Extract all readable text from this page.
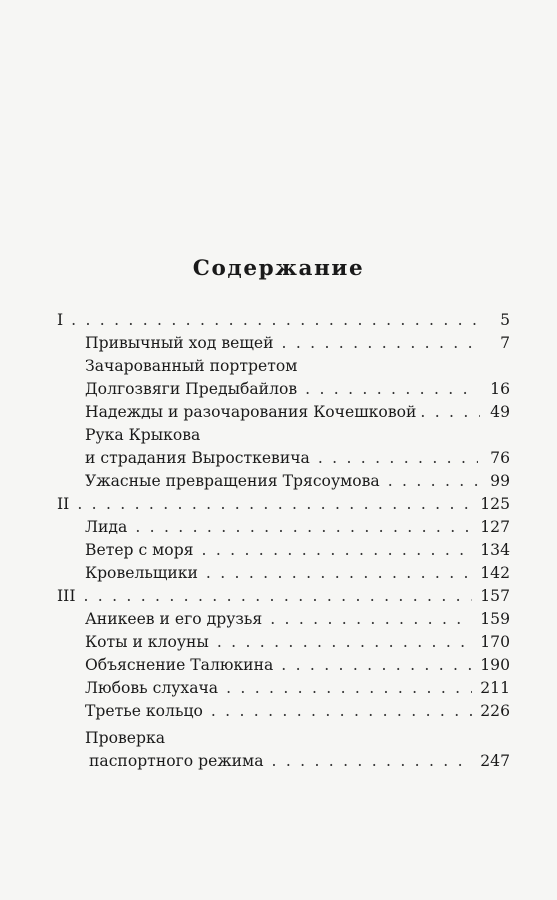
Содержание
I . . .	5
Привычный ход вещей . . .	7
Зачарованный портретом
Долгозвяги Предыбайлов . . .	16
Надежды и разочарования Кочешковой . . .	49
Рука Крыкова
и страдания Выросткевича . . .	76
Ужасные превращения Трясоумова . . .	99
II . . .	125
Лида . . .	127
Ветер с моря . . .	134
Кровельщики . . .	142
III . . .	157
Аникеев и его друзья . . .	159
Коты и клоуны . . .	170
Объяснение Талюкина . . .	190
Любовь слухача . . .	211
Третье кольцо . . .	226
Проверка
паспортного режима . . .	247
